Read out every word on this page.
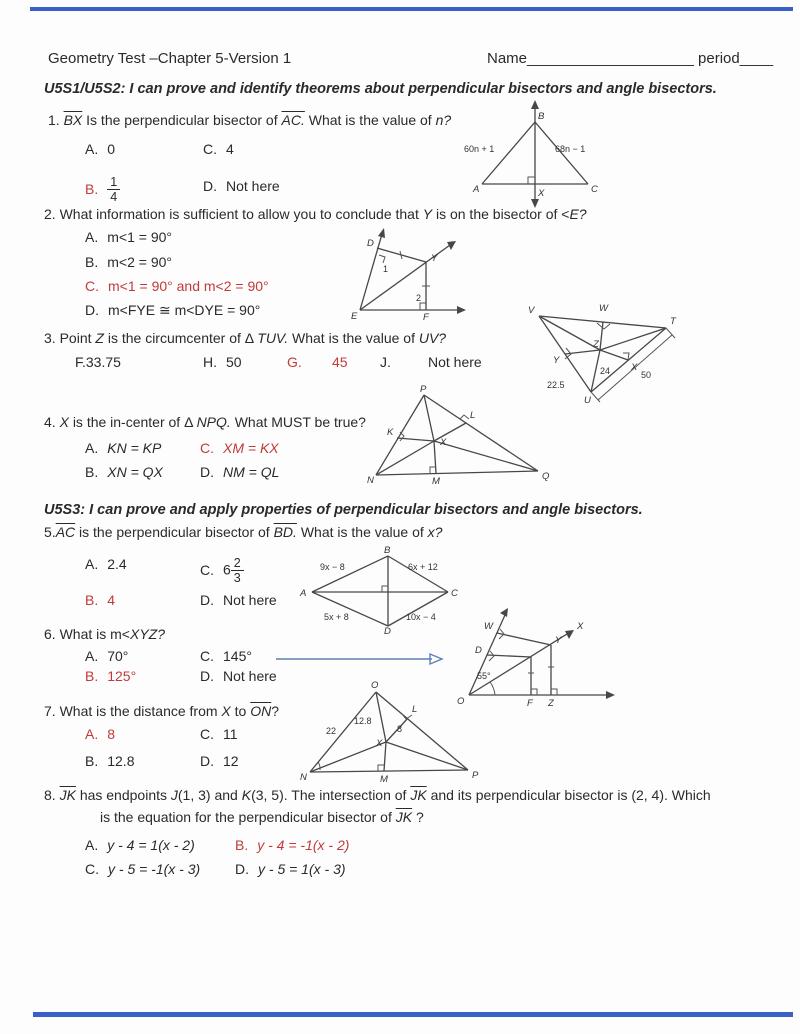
Geometry Test –Chapter 5-Version 1	Name____________________ period____
U5S1/U5S2: I can prove and identify theorems about perpendicular bisectors and angle bisectors.
1. $\overline{BX}$ Is the perpendicular bisector of AC. What is the value of n?
A. 0	C. 4
B. $\frac{1}{4}$	D. Not here
B
A	C
X
60n + 1	68n − 1
2. What information is sufficient to allow you to conclude that Y is on the bisector of <E?
A. m<1 = 90°
B. m<2 = 90°
C. m<1 = 90° and m<2 = 90°
D. m<FYE ≅ m<DYE = 90°
D
1
Y
2
E	F
3. Point Z is the circumcenter of Δ TUV. What is the value of UV?
F.33.75	H. 50	G. 45 J.	Not here
V	W
T
Y
Z
X
U
22.5
24	50
4. X is the in-center of Δ NPQ. What MUST be true?
A. KN = KP	C. XM = KX
B. XN = QX	D. NM = QL
P
K
L
X
N	M	Q
U5S3: I can prove and apply properties of perpendicular bisectors and angle bisectors.
$5.\overline{AC}$ is the perpendicular bisector of BD. What is the value of x?
A. 2.4	C. $6 \frac{2}{3}$
B. 4	D. Not here
B
A	C
D
9x − 8	6x + 12
5x + 8	10x − 4
6. What is m<XYZ?
A. 70°	C. 145°
B. 125°	D. Not here
W
D
55°
Y
X
O	F Z
7. What is the distance from X to $\overline{ON}$?
A. 8	C. 11
B. 12.8	D. 12
O
N	P
L
X
M
22
12.8
8
8. $\overline{JK}$ has endpoints J(1, 3) and K(3, 5). The intersection of $\overline{JK}$ and its perpendicular bisector is (2, 4). Which
is the equation for the perpendicular bisector of $\overline{JK}$ ?
A. y - 4 = 1(x - 2)	B. y - 4 = -1(x - 2)
C. y - 5 = -1(x - 3) D. y - 5 = 1(x - 3)
